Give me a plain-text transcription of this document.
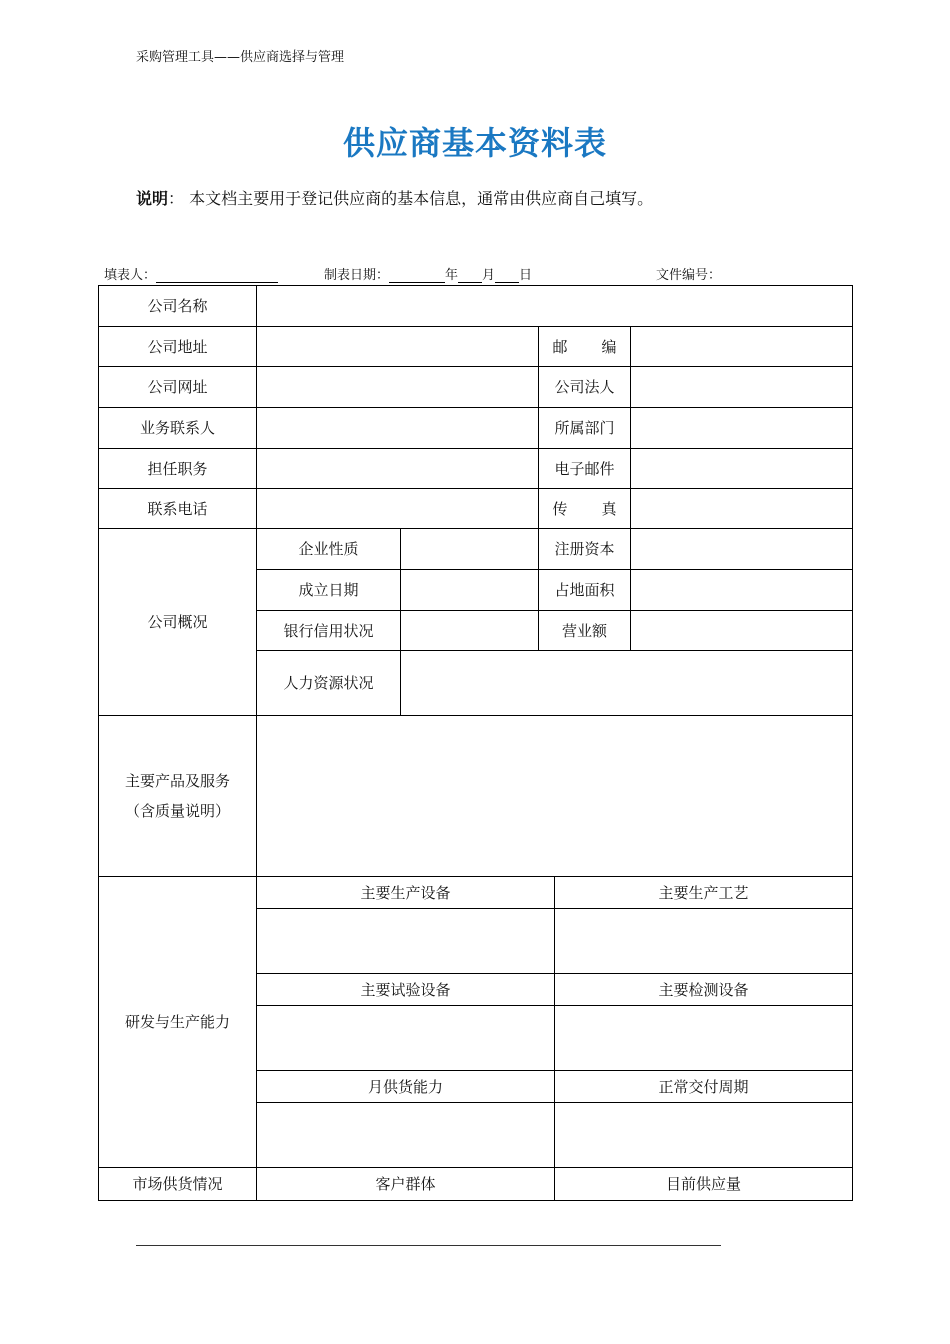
采购管理工具——供应商选择与管理
供应商基本资料表
说明： 本文档主要用于登记供应商的基本信息，通常由供应商自己填写。
填表人：	制表日期：	年 月 日	文件编号：
公司名称
公司地址	邮 编
公司网址	公司法人
业务联系人	所属部门
担任职务	电子邮件
联系电话	传 真
公司概况
企业性质	注册资本
成立日期	占地面积
银行信用状况	营业额
人力资源状况
主要产品及服务
（含质量说明）
研发与生产能力
主要生产设备	主要生产工艺
主要试验设备	主要检测设备
月供货能力	正常交付周期
市场供货情况	客户群体	目前供应量
